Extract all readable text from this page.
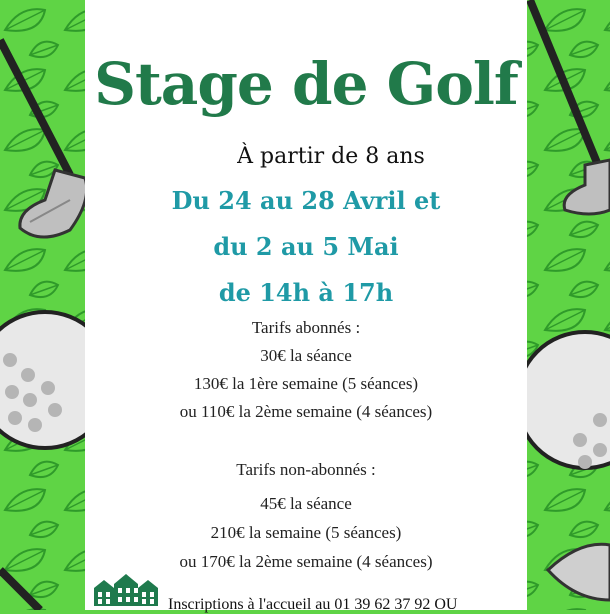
Stage de Golf
À partir de 8 ans
Du 24 au 28 Avril et
du 2 au 5 Mai
de 14h à 17h
Tarifs abonnés :
30€ la séance
130€ la 1ère semaine (5 séances)
ou 110€ la 2ème semaine (4 séances)
Tarifs non-abonnés :
45€ la séance
210€ la semaine (5 séances)
ou 170€ la 2ème semaine (4 séances)
Inscriptions à l'accueil au 01 39 62 37 92 OU
